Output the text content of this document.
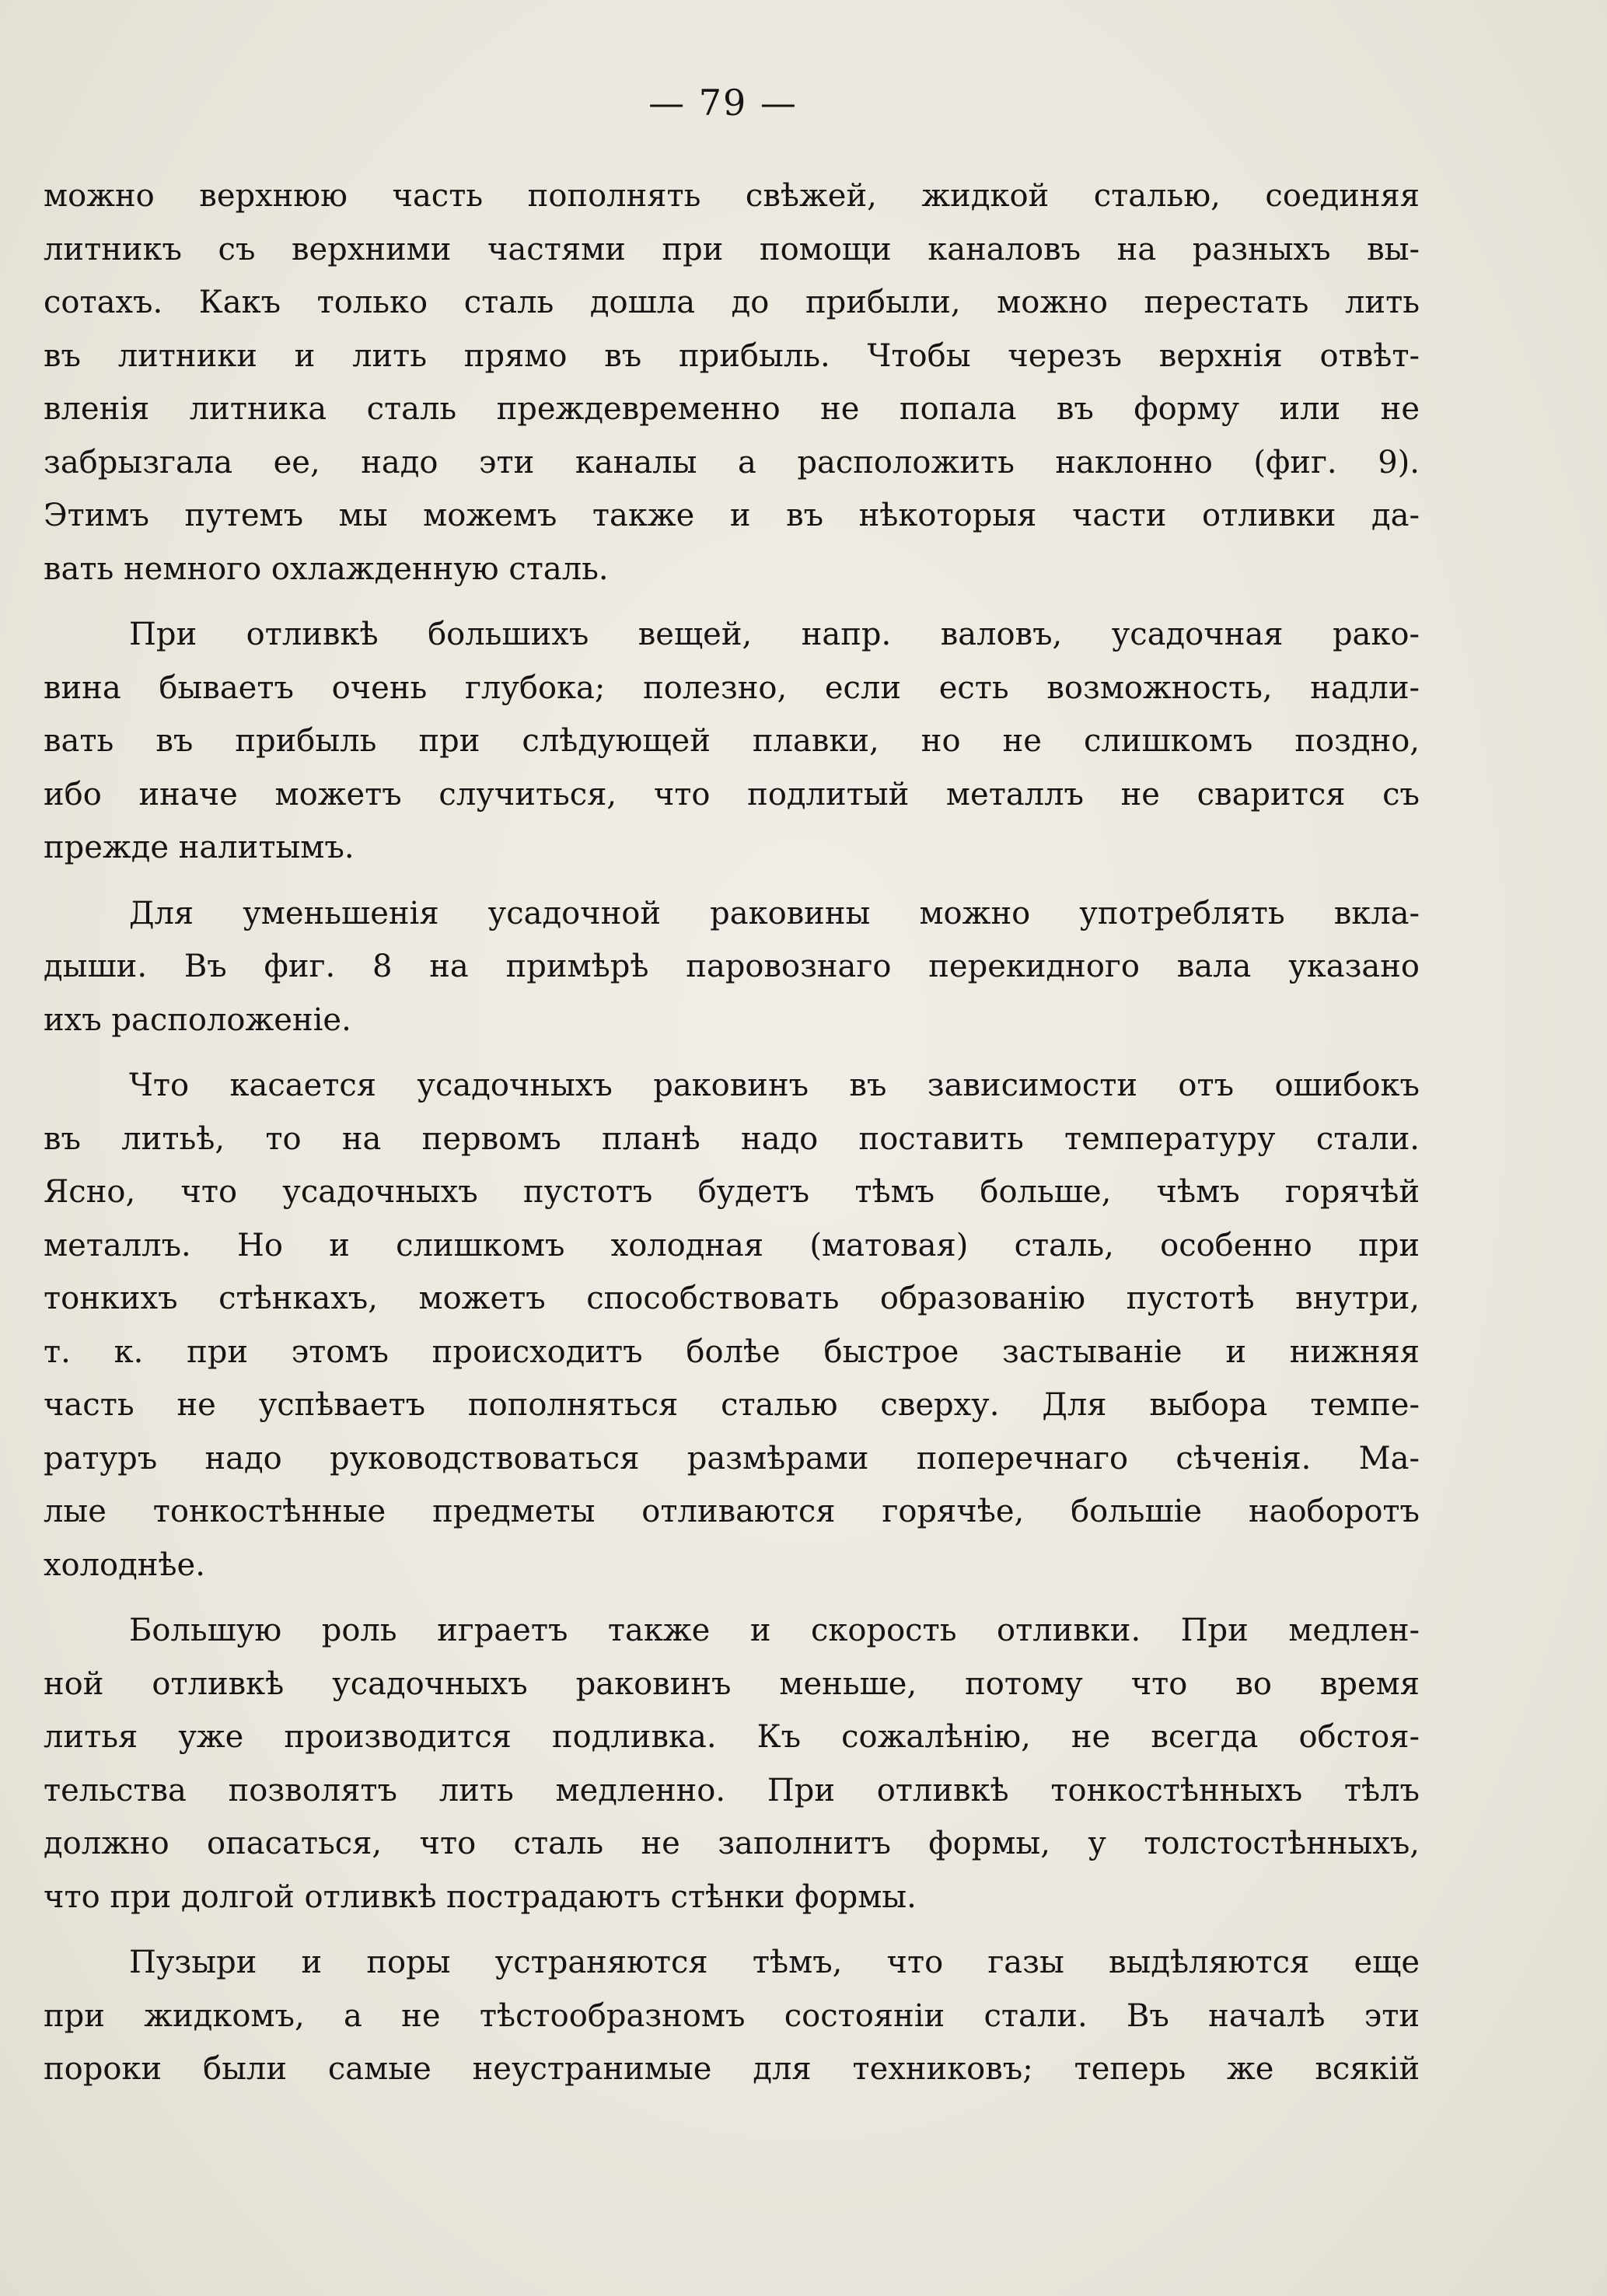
— 79 —
можно верхнюю часть пополнять свѣжей, жидкой сталью, соединяя
литникъ съ верхними частями при помощи каналовъ на разныхъ вы-
сотахъ. Какъ только сталь дошла до прибыли, можно перестать лить
въ литники и лить прямо въ прибыль. Чтобы черезъ верхнія отвѣт-
вленія литника сталь преждевременно не попала въ форму или не
забрызгала ее, надо эти каналы a расположить наклонно (фиг. 9).
Этимъ путемъ мы можемъ также и въ нѣкоторыя части отливки да-
вать немного охлажденную сталь.
При отливкѣ большихъ вещей, напр. валовъ, усадочная рако-
вина бываетъ очень глубока; полезно, если есть возможность, надли-
вать въ прибыль при слѣдующей плавки, но не слишкомъ поздно,
ибо иначе можетъ случиться, что подлитый металлъ не сварится съ
прежде налитымъ.
Для уменьшенія усадочной раковины можно употреблять вкла-
дыши. Въ фиг. 8 на примѣрѣ паровознаго перекидного вала указано
ихъ расположеніе.
Что касается усадочныхъ раковинъ въ зависимости отъ ошибокъ
въ литьѣ, то на первомъ планѣ надо поставить температуру стали.
Ясно, что усадочныхъ пустотъ будетъ тѣмъ больше, чѣмъ горячѣй
металлъ. Но и слишкомъ холодная (матовая) сталь, особенно при
тонкихъ стѣнкахъ, можетъ способствовать образованію пустотѣ внутри,
т. к. при этомъ происходитъ болѣе быстрое застываніе и нижняя
часть не успѣваетъ пополняться сталью сверху. Для выбора темпе-
ратуръ надо руководствоваться размѣрами поперечнаго сѣченія. Ма-
лые тонкостѣнные предметы отливаются горячѣе, большіе наоборотъ
холоднѣе.
Большую роль играетъ также и скорость отливки. При медлен-
ной отливкѣ усадочныхъ раковинъ меньше, потому что во время
литья уже производится подливка. Къ сожалѣнію, не всегда обстоя-
тельства позволятъ лить медленно. При отливкѣ тонкостѣнныхъ тѣлъ
должно опасаться, что сталь не заполнитъ формы, у толстостѣнныхъ,
что при долгой отливкѣ пострадаютъ стѣнки формы.
Пузыри и поры устраняются тѣмъ, что газы выдѣляются еще
при жидкомъ, а не тѣстообразномъ состояніи стали. Въ началѣ эти
пороки были самые неустранимые для техниковъ; теперь же всякій
